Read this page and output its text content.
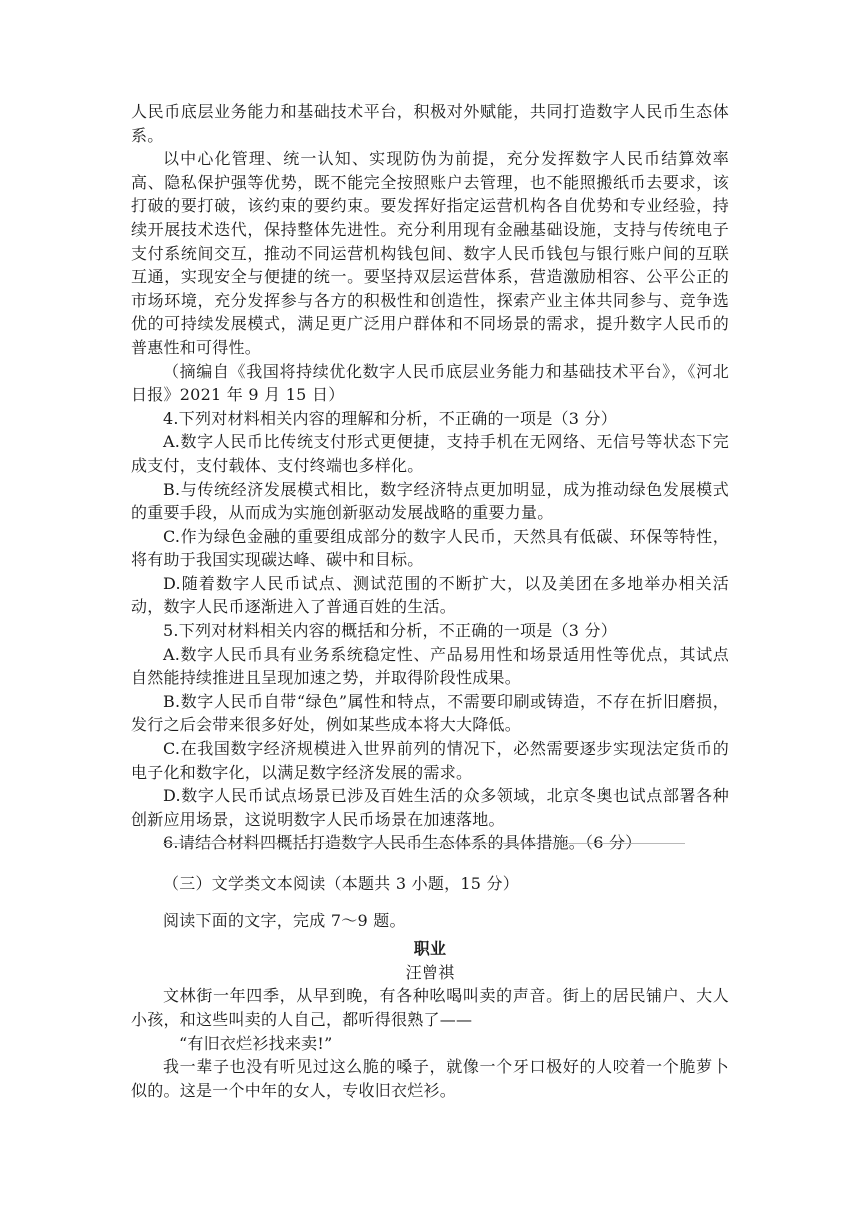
人民币底层业务能力和基础技术平台，积极对外赋能，共同打造数字人民币生态体系。

以中心化管理、统一认知、实现防伪为前提，充分发挥数字人民币结算效率高、隐私保护强等优势，既不能完全按照账户去管理，也不能照搬纸币去要求，该打破的要打破，该约束的要约束。要发挥好指定运营机构各自优势和专业经验，持续开展技术迭代，保持整体先进性。充分利用现有金融基础设施，支持与传统电子支付系统间交互，推动不同运营机构钱包间、数字人民币钱包与银行账户间的互联互通，实现安全与便捷的统一。要坚持双层运营体系，营造激励相容、公平公正的市场环境，充分发挥参与各方的积极性和创造性，探索产业主体共同参与、竞争选优的可持续发展模式，满足更广泛用户群体和不同场景的需求，提升数字人民币的普惠性和可得性。

（摘编自《我国将持续优化数字人民币底层业务能力和基础技术平台》，《河北日报》2021 年 9 月 15 日）

4.下列对材料相关内容的理解和分析，不正确的一项是（3 分）

A.数字人民币比传统支付形式更便捷，支持手机在无网络、无信号等状态下完成支付，支付载体、支付终端也多样化。

B.与传统经济发展模式相比，数字经济特点更加明显，成为推动绿色发展模式的重要手段，从而成为实施创新驱动发展战略的重要力量。

C.作为绿色金融的重要组成部分的数字人民币，天然具有低碳、环保等特性，将有助于我国实现碳达峰、碳中和目标。

D.随着数字人民币试点、测试范围的不断扩大，以及美团在多地举办相关活动，数字人民币逐渐进入了普通百姓的生活。

5.下列对材料相关内容的概括和分析，不正确的一项是（3 分）

A.数字人民币具有业务系统稳定性、产品易用性和场景适用性等优点，其试点自然能持续推进且呈现加速之势，并取得阶段性成果。

B.数字人民币自带“绿色”属性和特点，不需要印刷或铸造，不存在折旧磨损，发行之后会带来很多好处，例如某些成本将大大降低。

C.在我国数字经济规模进入世界前列的情况下，必然需要逐步实现法定货币的电子化和数字化，以满足数字经济发展的需求。

D.数字人民币试点场景已涉及百姓生活的众多领域，北京冬奥也试点部署各种创新应用场景，这说明数字人民币场景在加速落地。

6.请结合材料四概括打造数字人民币生态体系的具体措施。（6 分）

（三）文学类文本阅读（本题共 3 小题，15 分）

阅读下面的文字，完成 7～9 题。

职业

汪曾祺

文林街一年四季，从早到晚，有各种吆喝叫卖的声音。街上的居民铺户、大人小孩，和这些叫卖的人自己，都听得很熟了——

“有旧衣烂衫找来卖!”

我一辈子也没有听见过这么脆的嗓子，就像一个牙口极好的人咬着一个脆萝卜似的。这是一个中年的女人，专收旧衣烂衫。
